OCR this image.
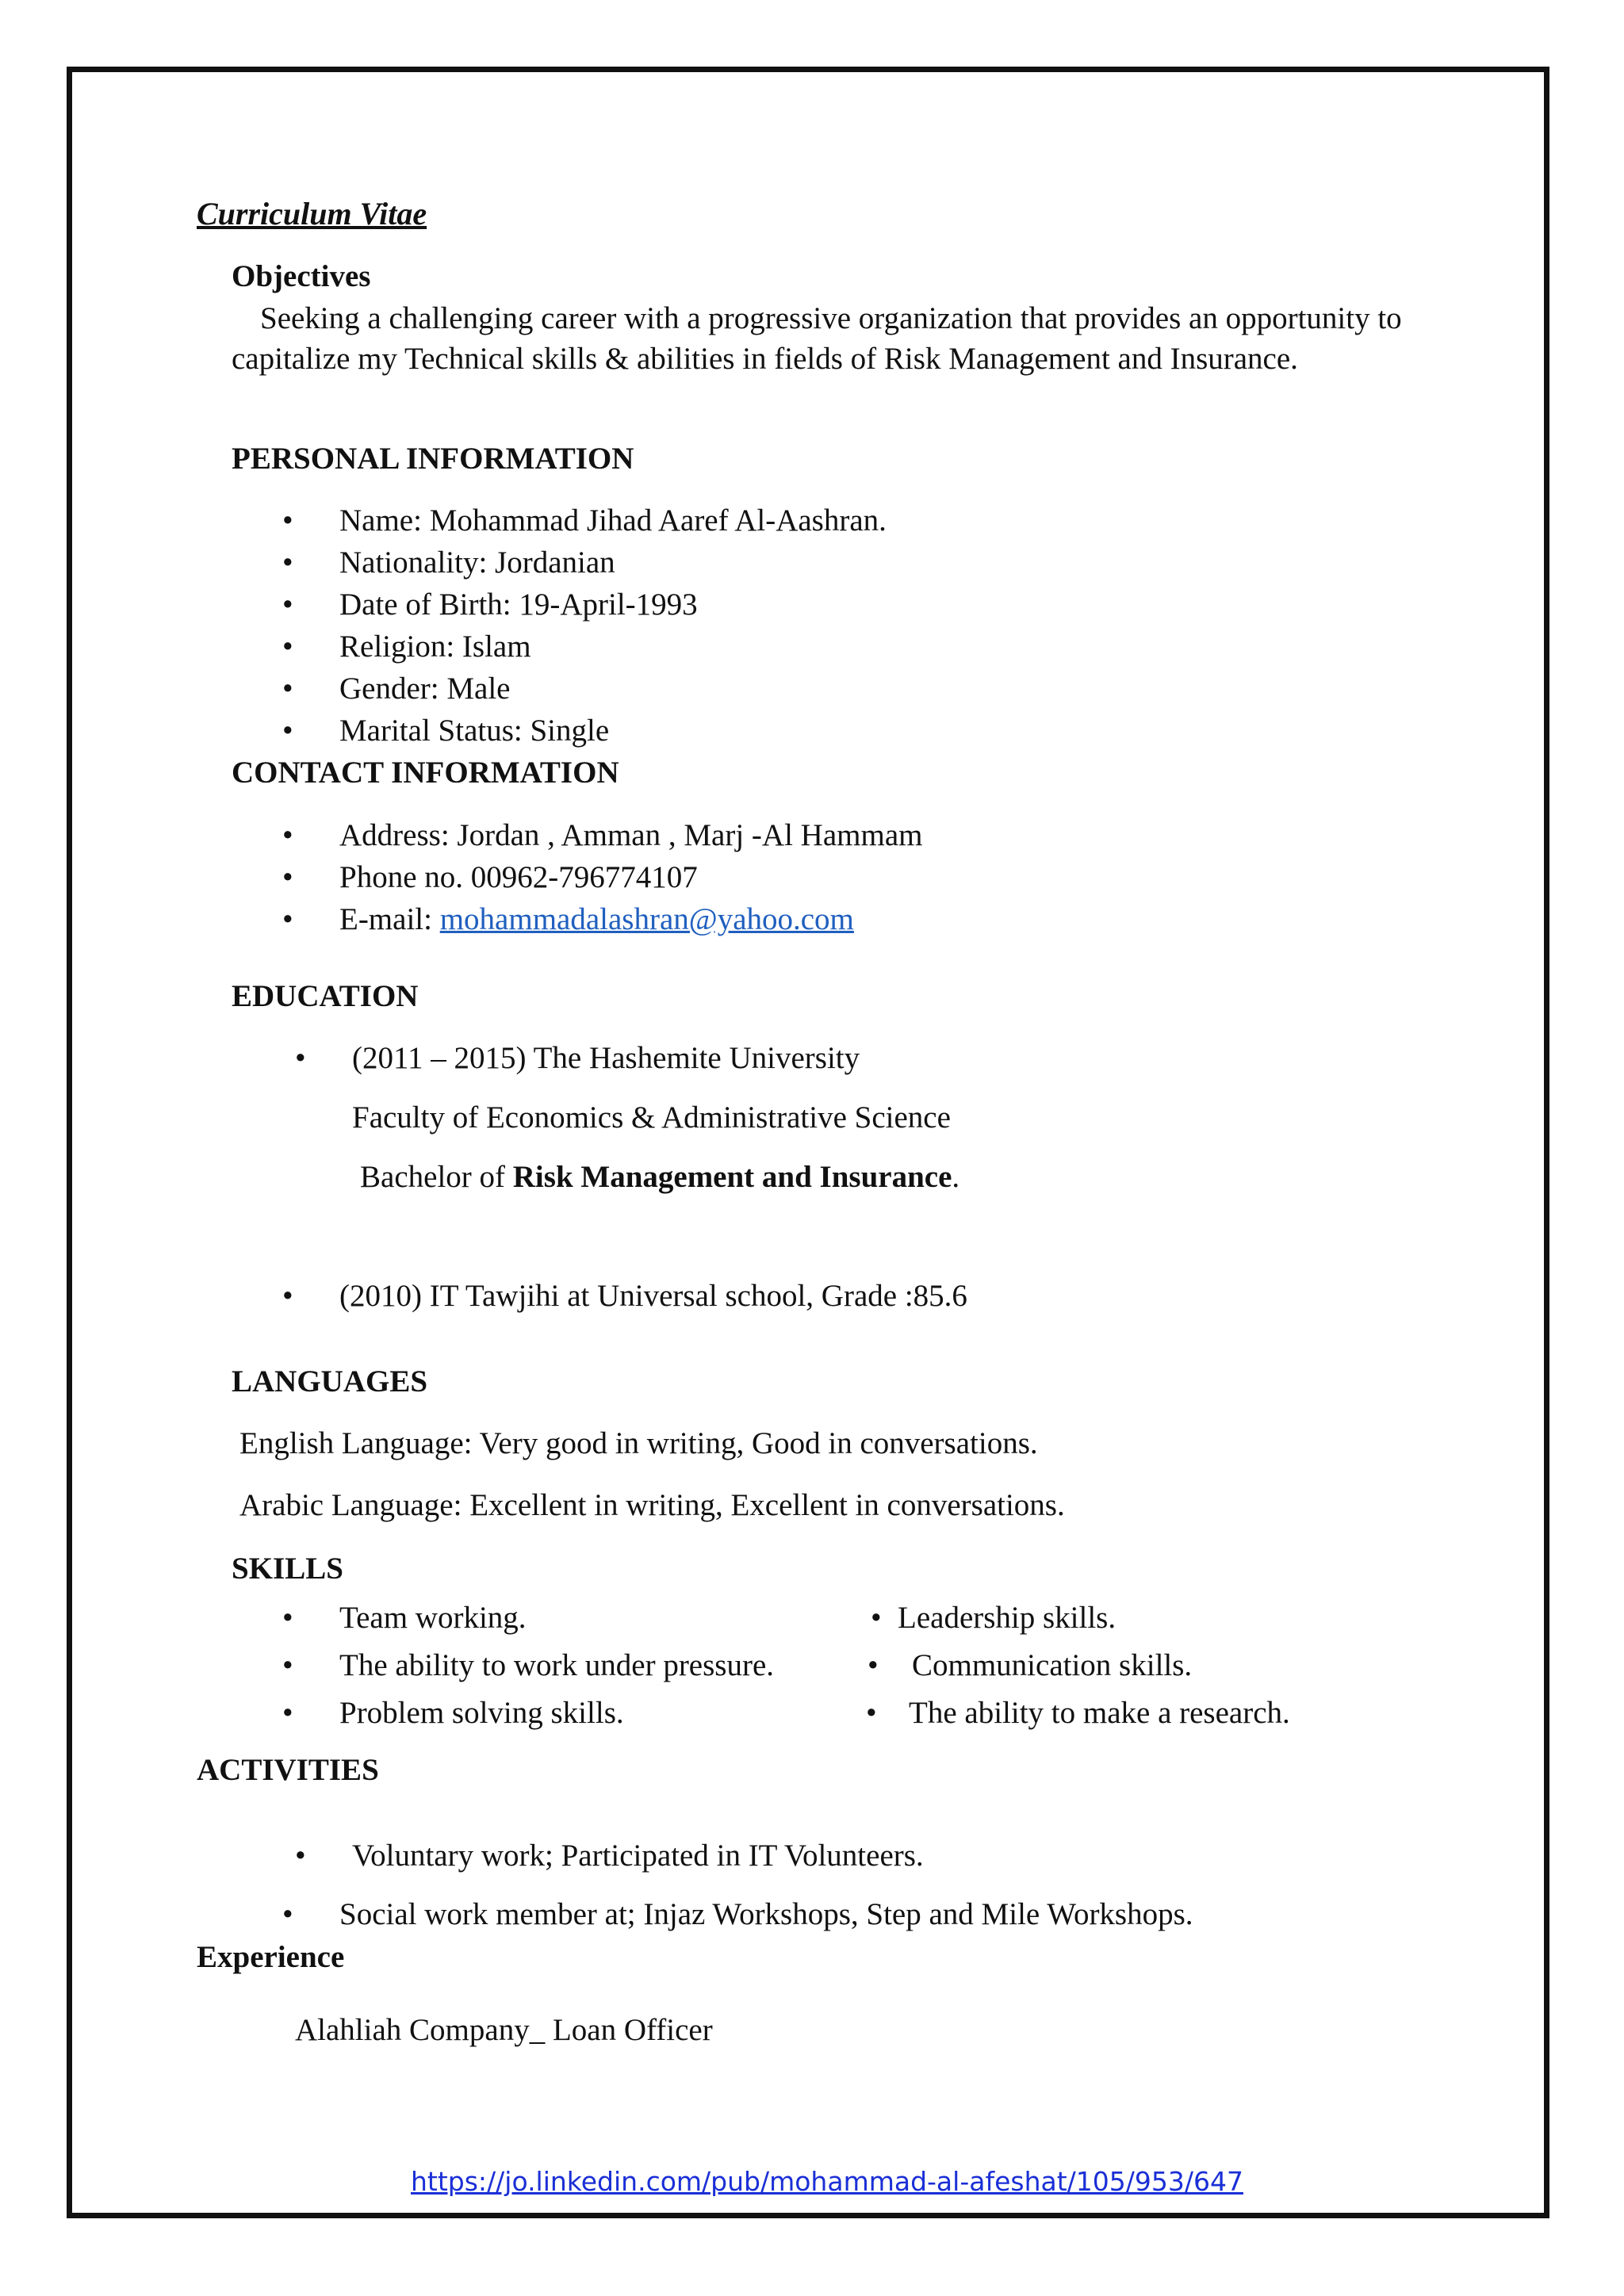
Curriculum Vitae
Objectives
Seeking a challenging career with a progressive organization that provides an opportunity to capitalize my Technical skills & abilities in fields of Risk Management and Insurance.
PERSONAL INFORMATION
• Name: Mohammad Jihad Aaref Al-Aashran.
• Nationality: Jordanian
• Date of Birth: 19-April-1993
• Religion: Islam
• Gender: Male
• Marital Status: Single
CONTACT INFORMATION
• Address: Jordan , Amman , Marj -Al Hammam
• Phone no. 00962-796774107
• E-mail: mohammadalashran@yahoo.com
EDUCATION
• (2011 – 2015) The Hashemite University
Faculty of Economics & Administrative Science
Bachelor of Risk Management and Insurance.
• (2010) IT Tawjihi at Universal school, Grade :85.6
LANGUAGES
English Language: Very good in writing, Good in conversations.
Arabic Language: Excellent in writing, Excellent in conversations.
SKILLS
• Team working.
• The ability to work under pressure.
• Problem solving skills.
• Leadership skills.
• Communication skills.
• The ability to make a research.
ACTIVITIES
• Voluntary work; Participated in IT Volunteers.
• Social work member at; Injaz Workshops, Step and Mile Workshops.
Experience
Alahliah Company_ Loan Officer
https://jo.linkedin.com/pub/mohammad-al-afeshat/105/953/647
